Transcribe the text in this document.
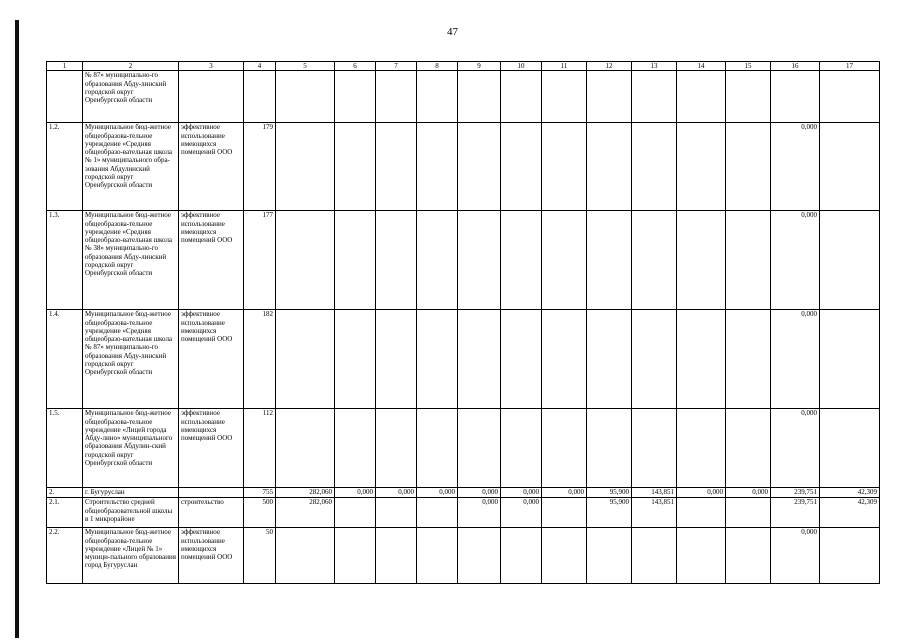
47
1	2	3	4	5	6	7	8	9	10	11	12	13	14	15	16	17
	№ 87» муниципально-го образования Абду-линский городской округ Оренбургской области															
1.2.	Муниципальное бюд-жетное общеобразова-тельное учреждение «Средняя общеобразо-вательная школа № 1» муниципального обра-зования Абдулинский городской округ Оренбургской области	эффективное использование имеющихся помещений ООО	179												0,000	
1.3.	Муниципальное бюд-жетное общеобразова-тельное учреждение «Средняя общеобразо-вательная школа № 38» муниципально-го образования Абду-линский городской округ Оренбургской области	эффективное использование имеющихся помещений ООО	177												0,000	
1.4.	Муниципальное бюд-жетное общеобразова-тельное учреждение «Средняя общеобразо-вательная школа № 87» муниципально-го образования Абду-линский городской округ Оренбургской области	эффективное использование имеющихся помещений ООО	182												0,000	
1.5.	Муниципальное бюд-жетное общеобразова-тельное учреждение «Лицей города Абду-лино» муниципального образования Абдулин-ский городской округ Оренбургской области	эффективное использование имеющихся помещений ООО	112												0,000	
2.	г. Бугуруслан		755	282,060	0,000	0,000	0,000	0,000	0,000	0,000	95,900	143,851	0,000	0,000	239,751	42,309
2.1.	Строительство средней общеобразовательной школы в 1 микрорайоне	строительство	500	282,060				0,000	0,000		95,900	143,851			239,751	42,309
2.2.	Муниципальное бюд-жетное общеобразова-тельное учреждение «Лицей № 1» муници-пального образования город Бугуруслан	эффективное использование имеющихся помещений ООО	50												0,000	
